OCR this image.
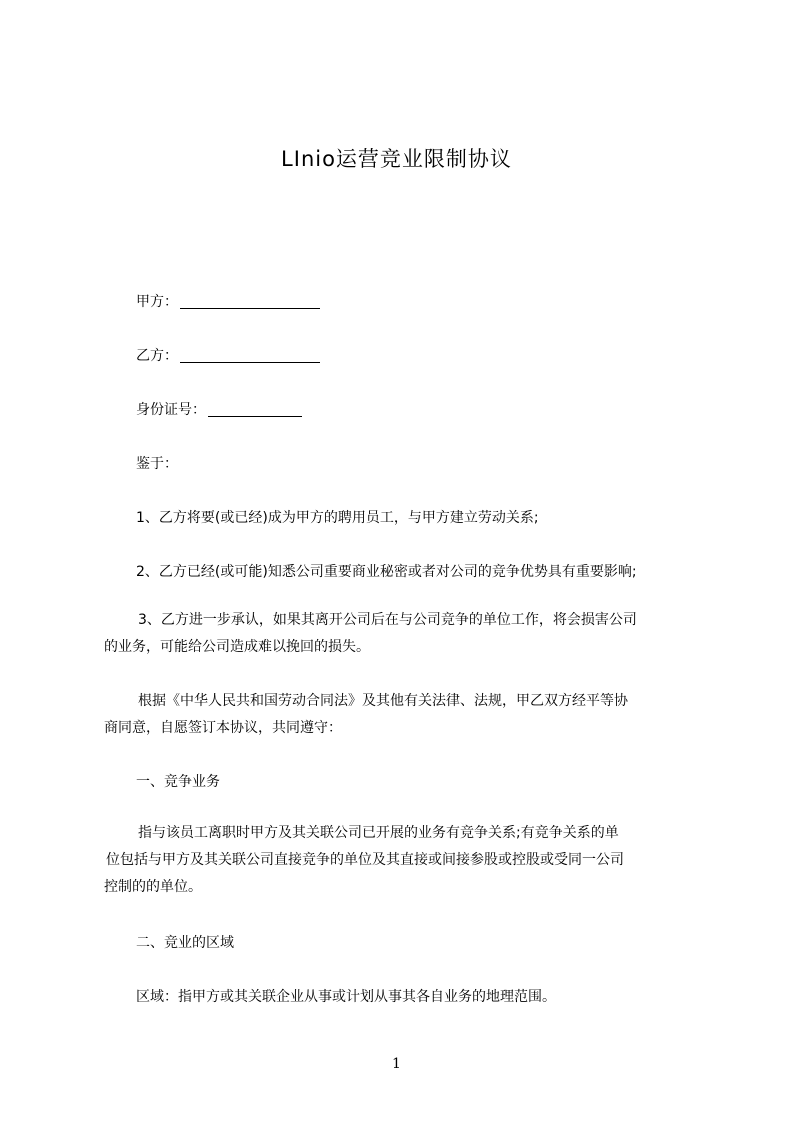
LInio运营竞业限制协议
甲方：
乙方：
身份证号：
鉴于：
1、乙方将要(或已经)成为甲方的聘用员工，与甲方建立劳动关系;
2、乙方已经(或可能)知悉公司重要商业秘密或者对公司的竞争优势具有重要影响;
3、乙方进一步承认，如果其离开公司后在与公司竞争的单位工作，将会损害公司
的业务，可能给公司造成难以挽回的损失。
根据《中华人民共和国劳动合同法》及其他有关法律、法规，甲乙双方经平等协
商同意，自愿签订本协议，共同遵守：
一、竞争业务
指与该员工离职时甲方及其关联公司已开展的业务有竞争关系;有竞争关系的单
位包括与甲方及其关联公司直接竞争的单位及其直接或间接参股或控股或受同一公司
控制的的单位。
二、竞业的区域
区域：指甲方或其关联企业从事或计划从事其各自业务的地理范围。
1
